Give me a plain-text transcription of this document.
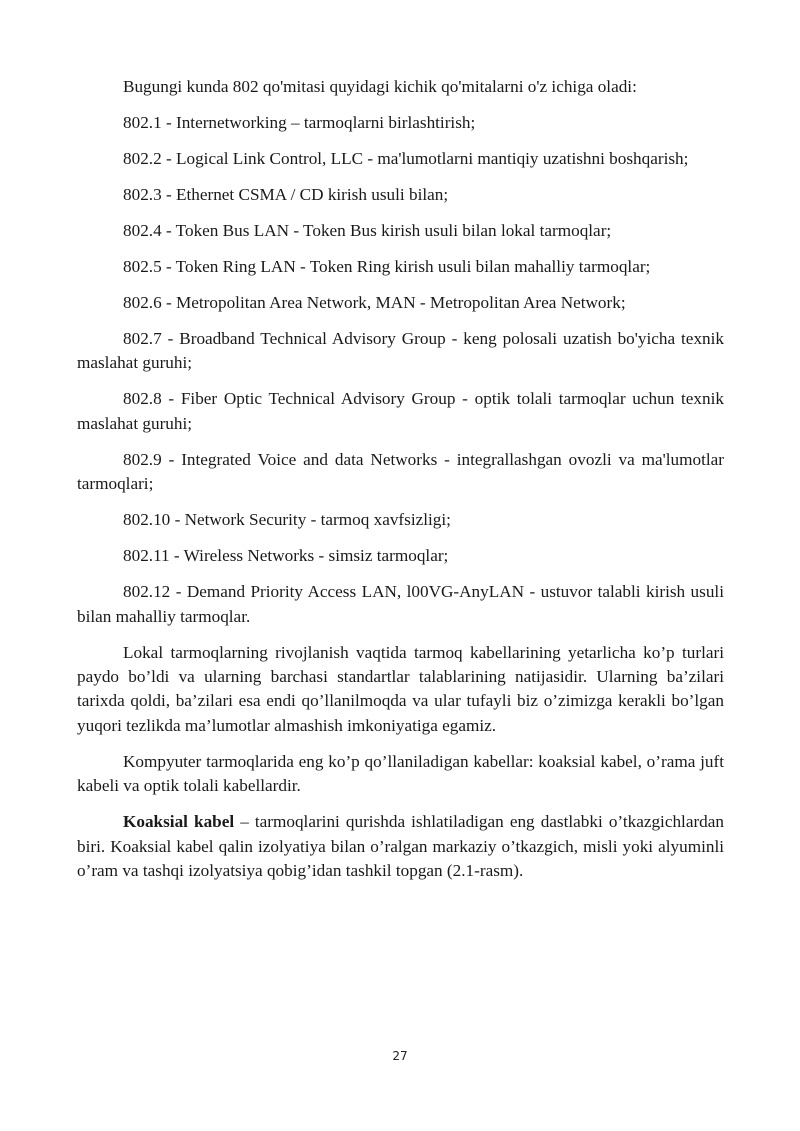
Bugungi kunda 802 qo'mitasi quyidagi kichik qo'mitalarni o'z ichiga oladi:

802.1 - Internetworking – tarmoqlarni birlashtirish;

802.2 - Logical Link Control, LLC - ma'lumotlarni mantiqiy uzatishni boshqarish;

802.3 - Ethernet CSMA / CD kirish usuli bilan;

802.4 - Token Bus LAN - Token Bus kirish usuli bilan lokal tarmoqlar;

802.5 - Token Ring LAN - Token Ring kirish usuli bilan mahalliy tarmoqlar;

802.6 - Metropolitan Area Network, MAN - Metropolitan Area Network;

802.7 - Broadband Technical Advisory Group - keng polosali uzatish bo'yicha texnik maslahat guruhi;

802.8 - Fiber Optic Technical Advisory Group - optik tolali tarmoqlar uchun texnik maslahat guruhi;

802.9 - Integrated Voice and data Networks - integrallashgan ovozli va ma'lumotlar tarmoqlari;

802.10 - Network Security - tarmoq xavfsizligi;

802.11 - Wireless Networks - simsiz tarmoqlar;

802.12 - Demand Priority Access LAN, l00VG-AnyLAN - ustuvor talabli kirish usuli bilan mahalliy tarmoqlar.

Lokal tarmoqlarning rivojlanish vaqtida tarmoq kabellarining yetarlicha ko’p turlari paydo bo’ldi va ularning barchasi standartlar talablarining natijasidir. Ularning ba’zilari tarixda qoldi, ba’zilari esa endi qo’llanilmoqda va ular tufayli biz o’zimizga kerakli bo’lgan yuqori tezlikda ma’lumotlar almashish imkoniyatiga egamiz.

Kompyuter tarmoqlarida eng ko’p qo’llaniladigan kabellar: koaksial kabel, o’rama juft kabeli va optik tolali kabellardir.

Koaksial kabel – tarmoqlarini qurishda ishlatiladigan eng dastlabki o’tkazgichlardan biri. Koaksial kabel qalin izolyatiya bilan o’ralgan markaziy o’tkazgich, misli yoki alyuminli o’ram va tashqi izolyatsiya qobig’idan tashkil topgan (2.1-rasm).

27
